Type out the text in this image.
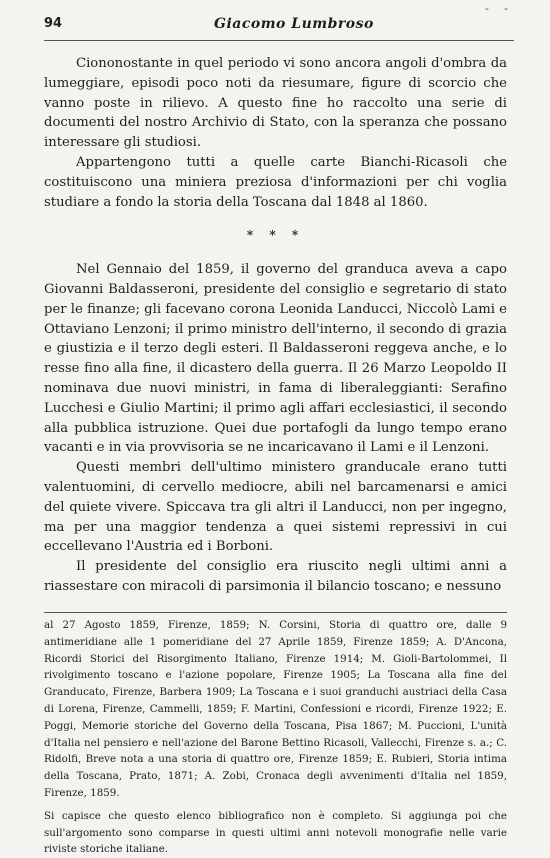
- -
94	Giacomo Lumbroso

Ciononostante in quel periodo vi sono ancora angoli d'ombra da lumeggiare, episodi poco noti da riesumare, figure di scorcio che vanno poste in rilievo. A questo fine ho raccolto una serie di documenti del nostro Archivio di Stato, con la speranza che possano interessare gli studiosi.

Appartengono tutti a quelle carte Bianchi-Ricasoli che costituiscono una miniera preziosa d'informazioni per chi voglia studiare a fondo la storia della Toscana dal 1848 al 1860.

* * *

Nel Gennaio del 1859, il governo del granduca aveva a capo Giovanni Baldasseroni, presidente del consiglio e segretario di stato per le finanze; gli facevano corona Leonida Landucci, Niccolò Lami e Ottaviano Lenzoni; il primo ministro dell'interno, il secondo di grazia e giustizia e il terzo degli esteri. Il Baldasseroni reggeva anche, e lo resse fino alla fine, il dicastero della guerra. Il 26 Marzo Leopoldo II nominava due nuovi ministri, in fama di liberaleggianti: Serafino Lucchesi e Giulio Martini; il primo agli affari ecclesiastici, il secondo alla pubblica istruzione. Quei due portafogli da lungo tempo erano vacanti e in via provvisoria se ne incaricavano il Lami e il Lenzoni.

Questi membri dell'ultimo ministero granducale erano tutti valentuomini, di cervello mediocre, abili nel barcamenarsi e amici del quiete vivere. Spiccava tra gli altri il Landucci, non per ingegno, ma per una maggior tendenza a quei sistemi repressivi in cui eccellevano l'Austria ed i Borboni.

Il presidente del consiglio era riuscito negli ultimi anni a riassestare con miracoli di parsimonia il bilancio toscano; e nessuno

al 27 Agosto 1859, Firenze, 1859; N. Corsini, Storia di quattro ore, dalle 9 antimeridiane alle 1 pomeridiane del 27 Aprile 1859, Firenze 1859; A. D'Ancona, Ricordi Storici del Risorgimento Italiano, Firenze 1914; M. Gioli-Bartolommei, Il rivolgimento toscano e l'azione popolare, Firenze 1905; La Toscana alla fine del Granducato, Firenze, Barbera 1909; La Toscana e i suoi granduchi austriaci della Casa di Lorena, Firenze, Cammelli, 1859; F. Martini, Confessioni e ricordi, Firenze 1922; E. Poggi, Memorie storiche del Governo della Toscana, Pisa 1867; M. Puccioni, L'unità d'Italia nel pensiero e nell'azione del Barone Bettino Ricasoli, Vallecchi, Firenze s. a.; C. Ridolfi, Breve nota a una storia di quattro ore, Firenze 1859; E. Rubieri, Storia intima della Toscana, Prato, 1871; A. Zobi, Cronaca degli avvenimenti d'Italia nel 1859, Firenze, 1859.

Si capisce che questo elenco bibliografico non è completo. Si aggiunga poi che sull'argomento sono comparse in questi ultimi anni notevoli monografie nelle varie riviste storiche italiane.
